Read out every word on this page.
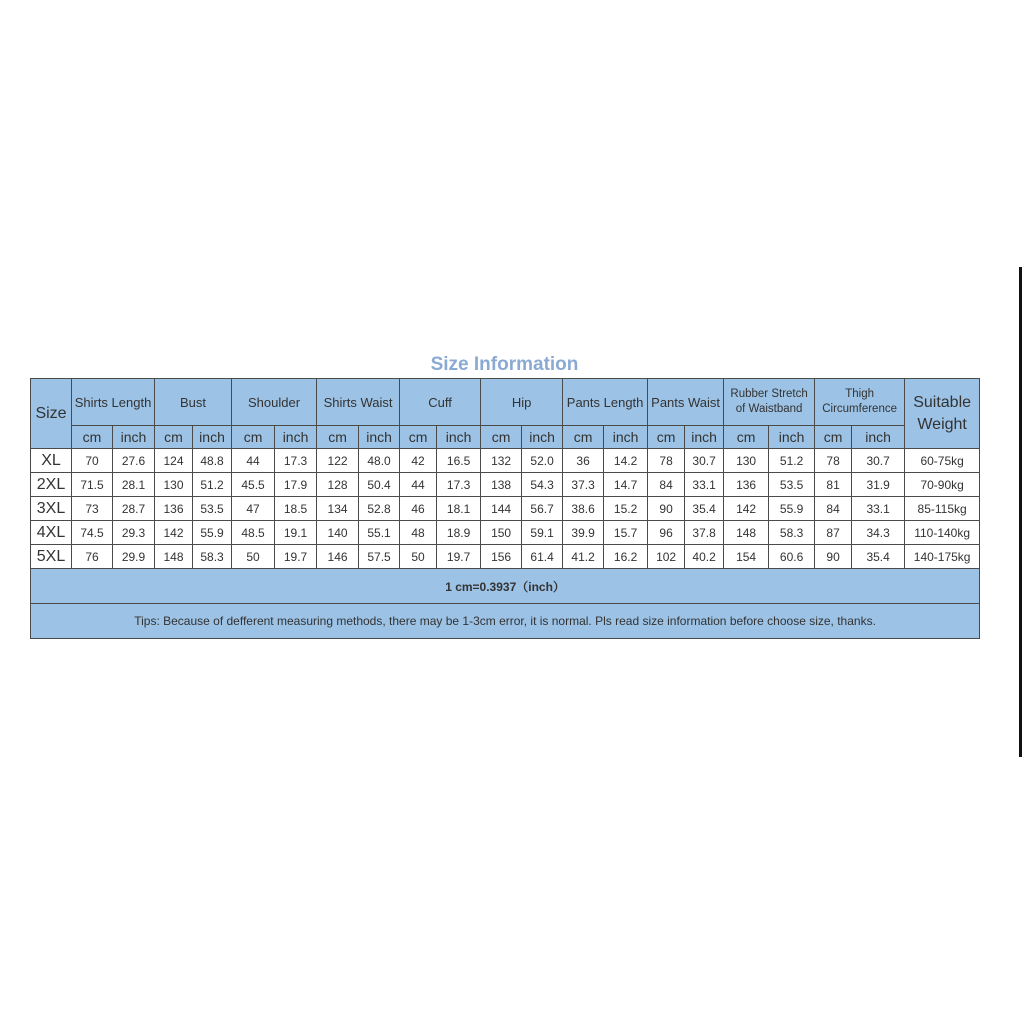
Size Information
Size	Shirts Length		Bust		Shoulder		Shirts Waist		Cuff		Hip		Pants Length		Pants Waist		Rubber Stretch of Waistband		Thigh Circumference		Suitable Weight
	cm	inch	cm	inch	cm	inch	cm	inch	cm	inch	cm	inch	cm	inch	cm	inch	cm	inch	cm	inch	
XL	70	27.6	124	48.8	44	17.3	122	48.0	42	16.5	132	52.0	36	14.2	78	30.7	130	51.2	78	30.7	60-75kg
2XL	71.5	28.1	130	51.2	45.5	17.9	128	50.4	44	17.3	138	54.3	37.3	14.7	84	33.1	136	53.5	81	31.9	70-90kg
3XL	73	28.7	136	53.5	47	18.5	134	52.8	46	18.1	144	56.7	38.6	15.2	90	35.4	142	55.9	84	33.1	85-115kg
4XL	74.5	29.3	142	55.9	48.5	19.1	140	55.1	48	18.9	150	59.1	39.9	15.7	96	37.8	148	58.3	87	34.3	110-140kg
5XL	76	29.9	148	58.3	50	19.7	146	57.5	50	19.7	156	61.4	41.2	16.2	102	40.2	154	60.6	90	35.4	140-175kg
1 cm=0.3937（inch）																					
Tips: Because of defferent measuring methods, there may be 1-3cm error, it is normal. Pls read size information before choose size, thanks.																					
